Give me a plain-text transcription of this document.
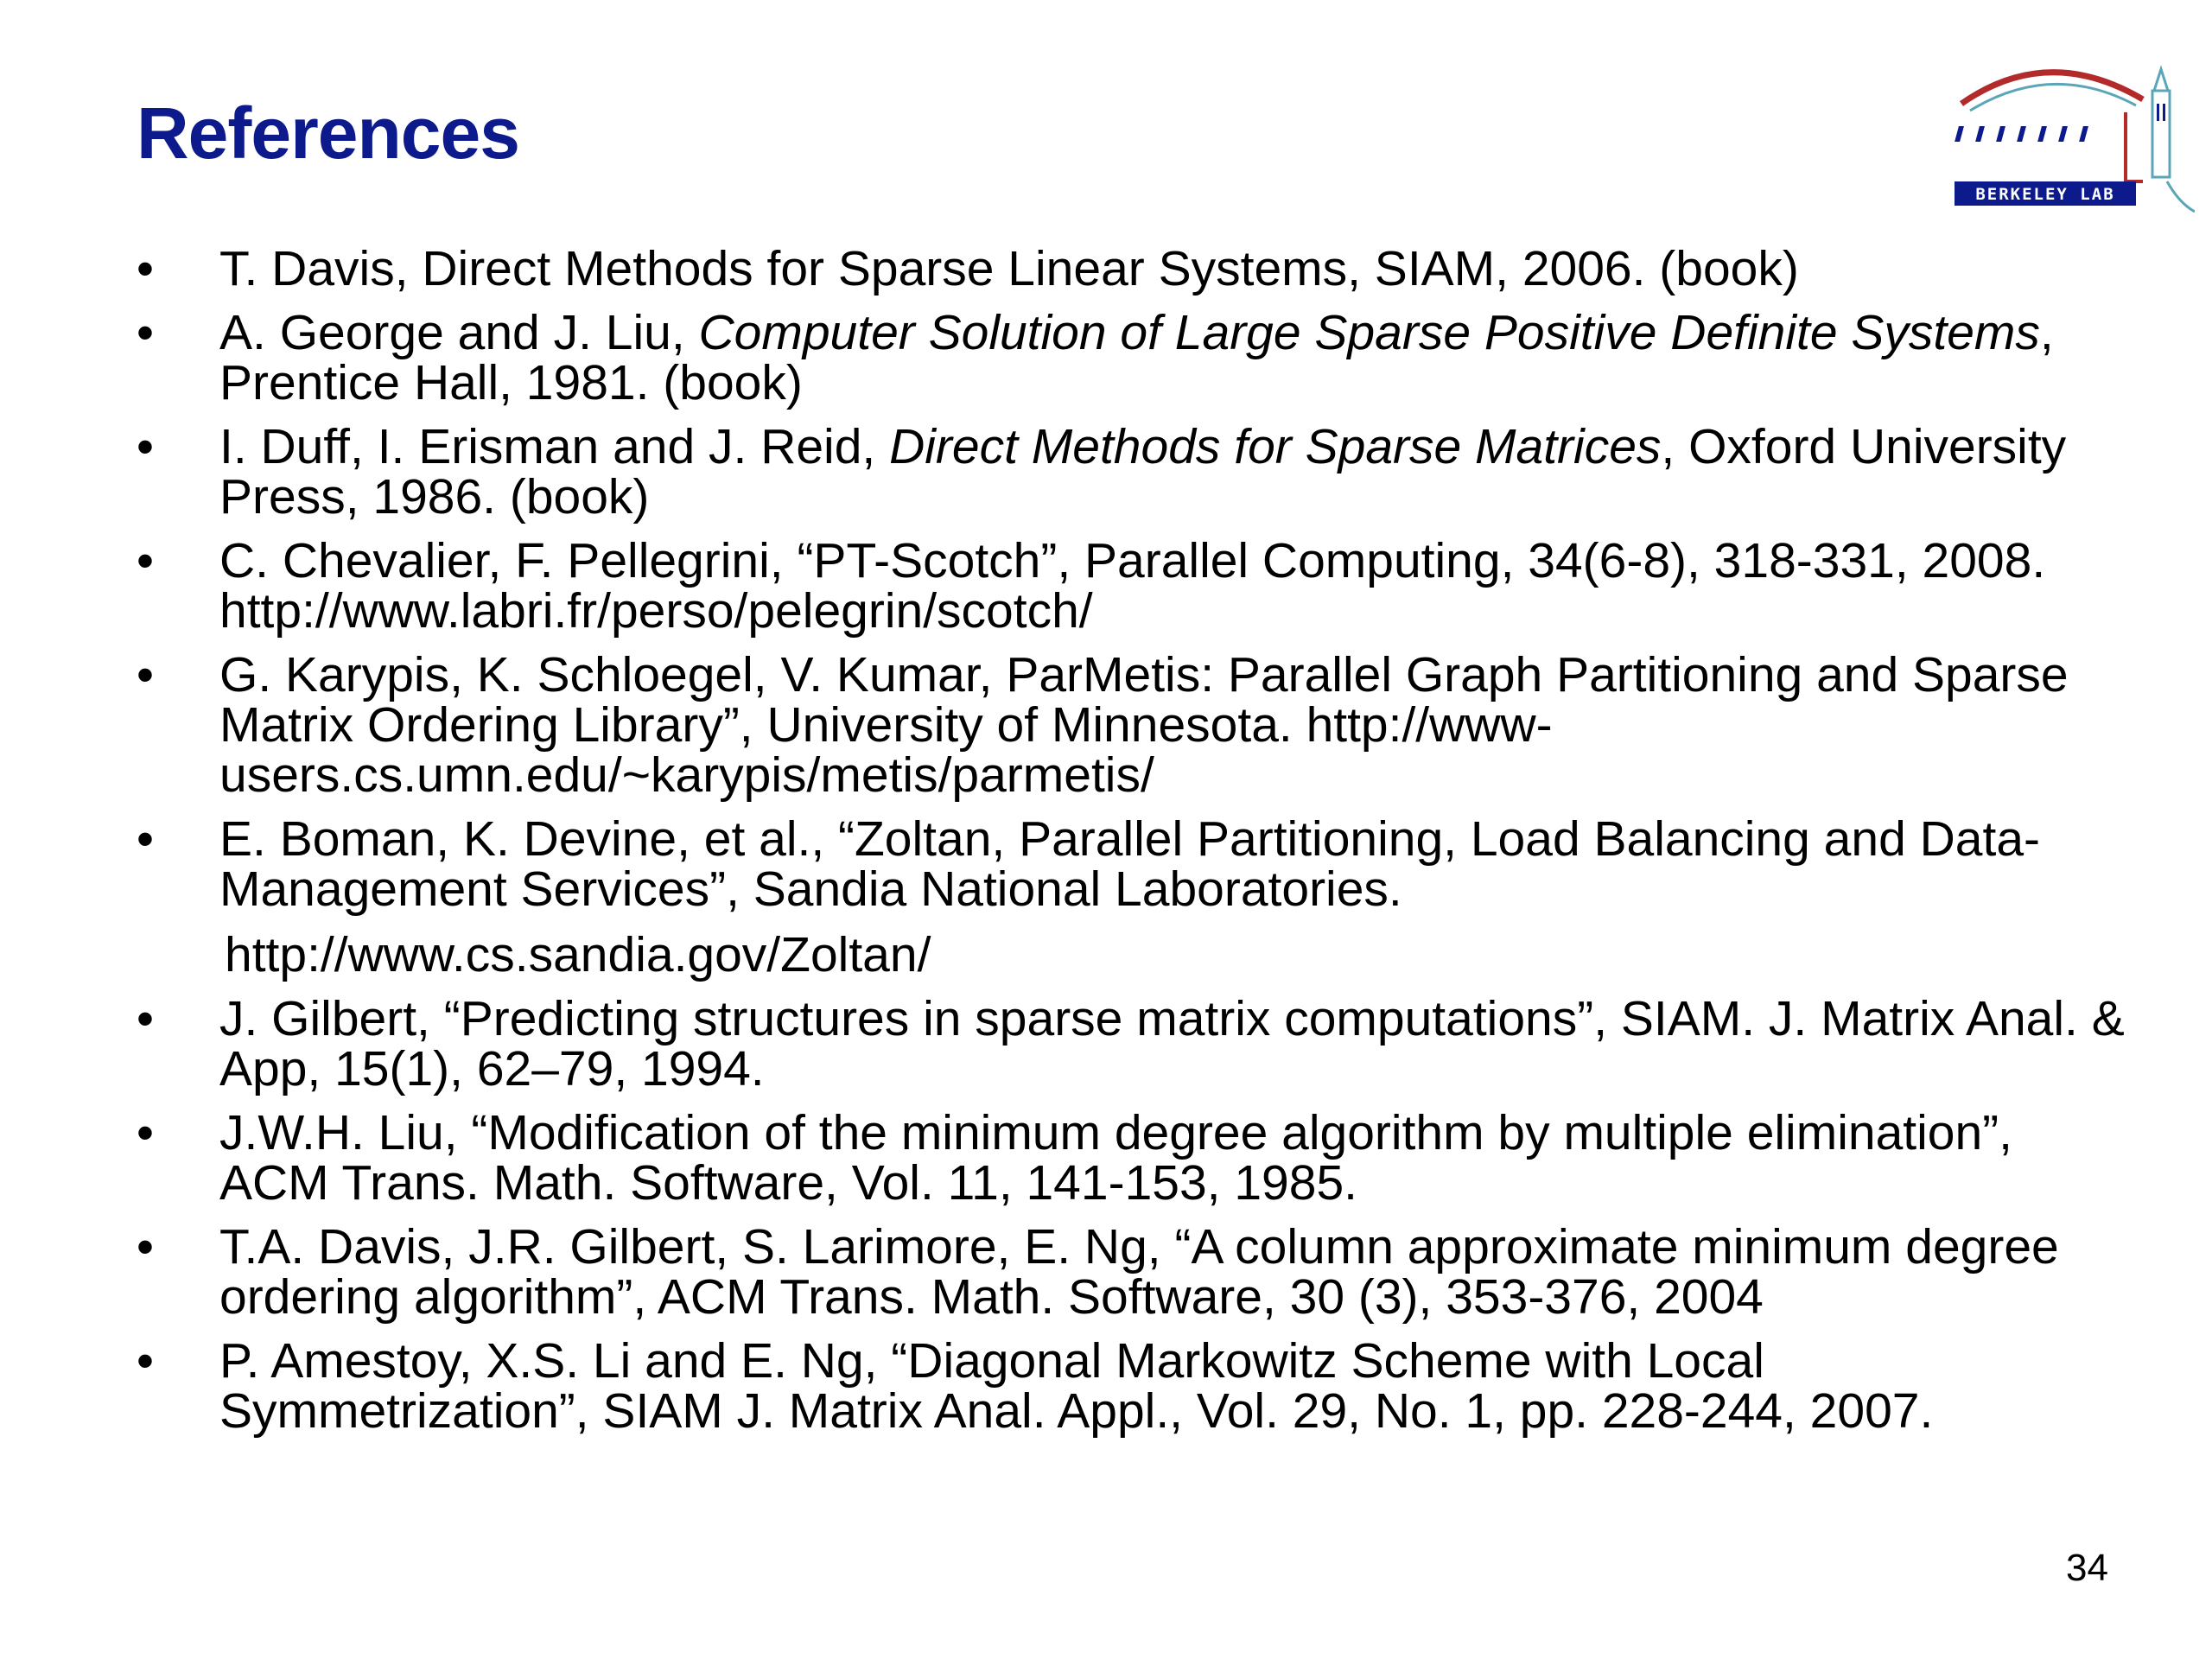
References
BERKELEY LAB
• T. Davis, Direct Methods for Sparse Linear Systems, SIAM, 2006. (book)
• A. George and J. Liu, Computer Solution of Large Sparse Positive Definite Systems, Prentice Hall, 1981. (book)
• I. Duff, I. Erisman and J. Reid, Direct Methods for Sparse Matrices, Oxford University Press, 1986. (book)
• C. Chevalier, F. Pellegrini, “PT-Scotch”, Parallel Computing, 34(6-8), 318-331, 2008. http://www.labri.fr/perso/pelegrin/scotch/
• G. Karypis, K. Schloegel, V. Kumar, ParMetis: Parallel Graph Partitioning and Sparse Matrix Ordering Library”, University of Minnesota. http://www-users.cs.umn.edu/~karypis/metis/parmetis/
• E. Boman, K. Devine, et al., “Zoltan, Parallel Partitioning, Load Balancing and Data-Management Services”, Sandia National Laboratories.
http://www.cs.sandia.gov/Zoltan/
• J. Gilbert, “Predicting structures in sparse matrix computations”, SIAM. J. Matrix Anal. & App, 15(1), 62–79, 1994.
• J.W.H. Liu, “Modification of the minimum degree algorithm by multiple elimination”, ACM Trans. Math. Software, Vol. 11, 141-153, 1985.
• T.A. Davis, J.R. Gilbert, S. Larimore, E. Ng, “A column approximate minimum degree ordering algorithm”, ACM Trans. Math. Software, 30 (3), 353-376, 2004
• P. Amestoy, X.S. Li and E. Ng, “Diagonal Markowitz Scheme with Local Symmetrization”, SIAM J. Matrix Anal. Appl., Vol. 29, No. 1, pp. 228-244, 2007.
34
